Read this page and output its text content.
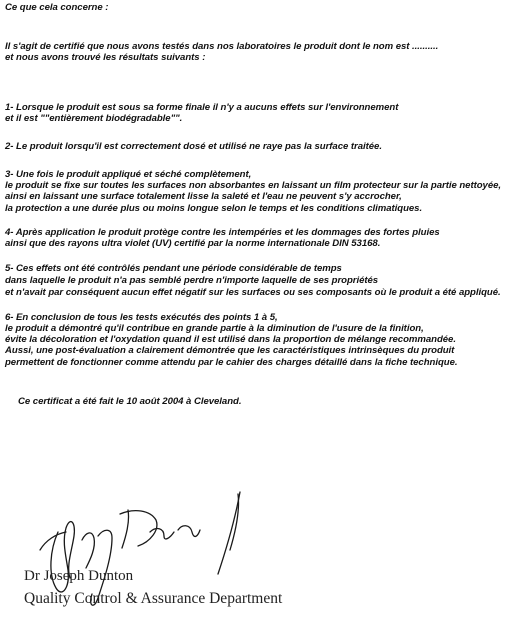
Ce que cela concerne :

Il s'agit de certifié que nous avons testés dans nos laboratoires le produit dont le nom est ..........

et nous avons trouvé les résultats suivants :

1- Lorsque le produit est sous sa forme finale il n'y a aucuns effets sur l'environnement

et il est ""entièrement biodégradable"".

2- Le produit lorsqu'il est correctement dosé et utilisé ne raye pas la surface traitée.

3- Une fois le produit appliqué et séché complètement,

le produit se fixe sur toutes les surfaces non absorbantes en laissant un film protecteur sur la partie nettoyée,

ainsi en laissant une surface totalement lisse la saleté et l'eau ne peuvent s'y accrocher,

la protection a une durée plus ou moins longue selon le temps et les conditions climatiques.

4- Après application le produit protège contre les intempéries et les dommages des fortes pluies

ainsi que des rayons ultra violet (UV) certifié par la norme internationale DIN 53168.

5- Ces effets ont été contrôlés pendant une période considérable de temps

dans laquelle le produit n'a pas semblé perdre n'importe laquelle de ses propriétés

et n'avait par conséquent aucun effet négatif sur les surfaces ou ses composants où le produit a été appliqué.

6- En conclusion de tous les tests exécutés des points 1 à 5,

le produit a démontré qu'il contribue en grande partie à la diminution de l'usure de la finition,

évite la décoloration et l'oxydation quand il est utilisé dans la proportion de mélange recommandée.

Aussi, une post-évaluation a clairement démontrée que les caractéristiques intrinsèques du produit

permettent de fonctionner comme attendu par le cahier des charges détaillé dans la fiche technique.

Ce certificat a été fait le 10 août 2004 à Cleveland.

Dr Joseph Dunton

Quality Control & Assurance Department
